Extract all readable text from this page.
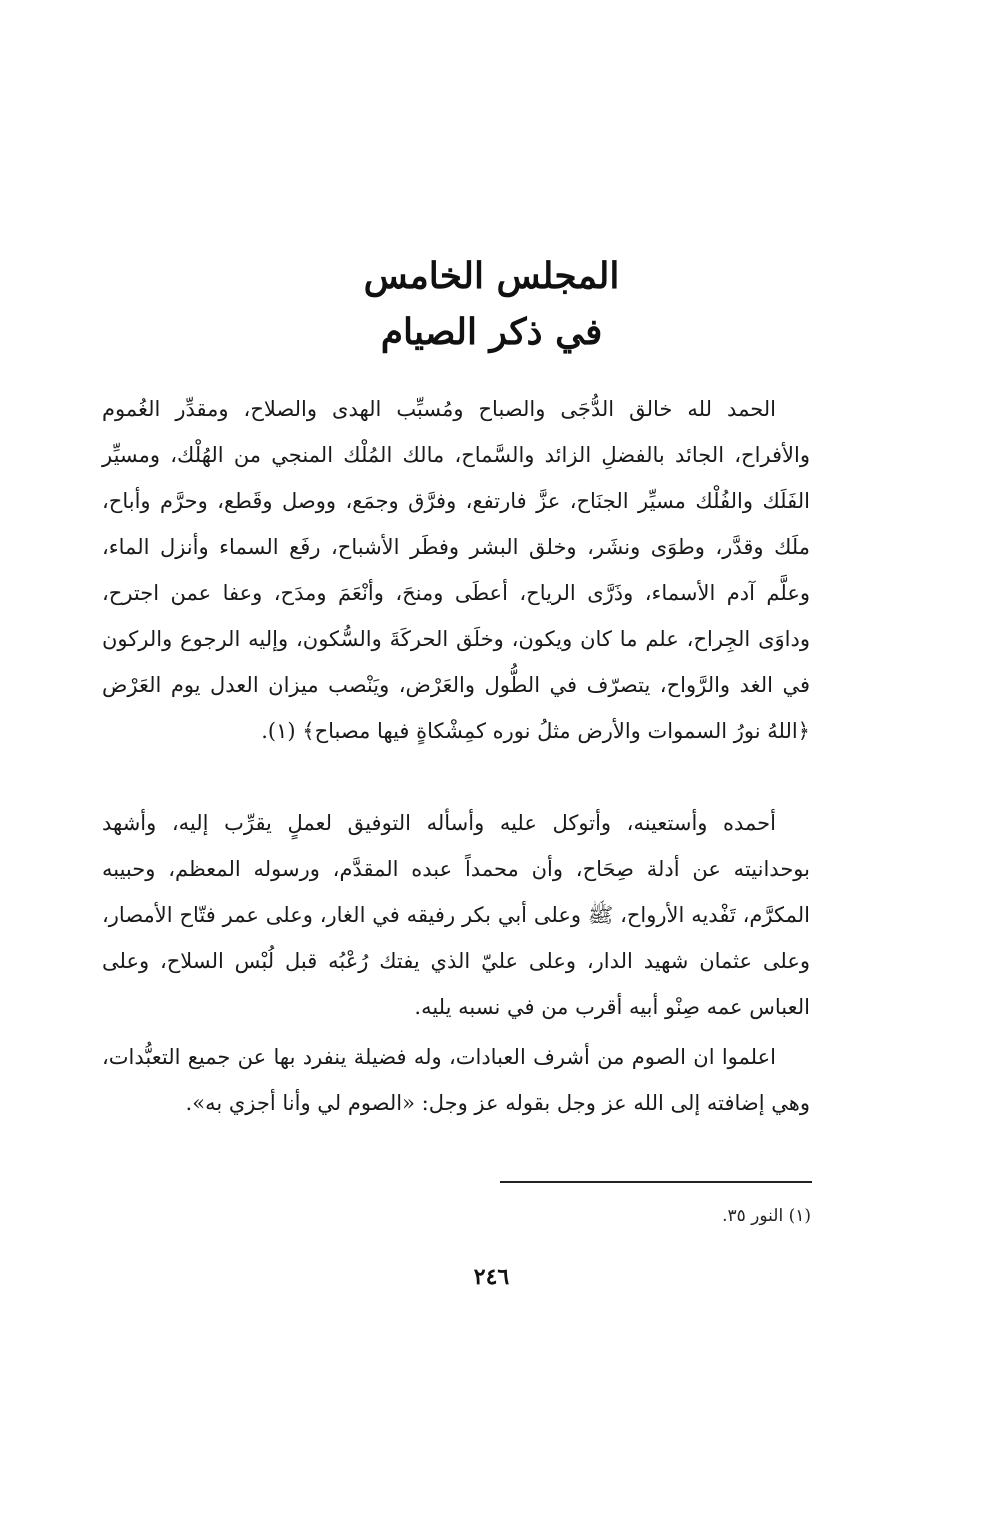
المجلس الخامس
في ذكر الصيام
الحمد لله خالق الدُّجَى والصباح ومُسبِّب الهدى والصلاح، ومقدِّر الغُموم والأفراح، الجائد بالفضلِ الزائد والسَّماح، مالك المُلْك المنجي من الهُلْك، ومسيِّر الفَلَك والفُلْك مسيِّر الجنَاح، عزَّ فارتفع، وفرَّق وجمَع، ووصل وقَطع، وحرَّم وأباح، ملَك وقدَّر، وطوَى ونشَر، وخلق البشر وفطَر الأشباح، رفَع السماء وأنزل الماء، وعلَّم آدم الأسماء، وذَرَّى الرياح، أعطَى ومنحَ، وأنْعَمَ ومدَح، وعفا عمن اجترح، وداوَى الجِراح، علم ما كان ويكون، وخلَق الحركَةَ والسُّكون، وإليه الرجوع والركون في الغد والرَّواح، يتصرّف في الطُّول والعَرْض، ويَنْصب ميزان العدل يوم العَرْض ﴿اللهُ نورُ السموات والأرض مثلُ نوره كمِشْكاةٍ فيها مصباح﴾ (١).
أحمده وأستعينه، وأتوكل عليه وأسأله التوفيق لعملٍ يقرِّب إليه، وأشهد بوحدانيته عن أدلة صِحَاح، وأن محمداً عبده المقدَّم، ورسوله المعظم، وحبيبه المكرَّم، تَفْديه الأرواح، ﷺ وعلى أبي بكر رفيقه في الغار، وعلى عمر فتّاح الأمصار، وعلى عثمان شهيد الدار، وعلى عليّ الذي يفتك رُعْبُه قبل لُبْس السلاح، وعلى العباس عمه صِنْو أبيه أقرب من في نسبه يليه.
اعلموا ان الصوم من أشرف العبادات، وله فضيلة ينفرد بها عن جميع التعبُّدات، وهي إضافته إلى الله عز وجل بقوله عز وجل: «الصوم لي وأنا أجزي به».
(١) النور ٣٥.
٢٤٦
